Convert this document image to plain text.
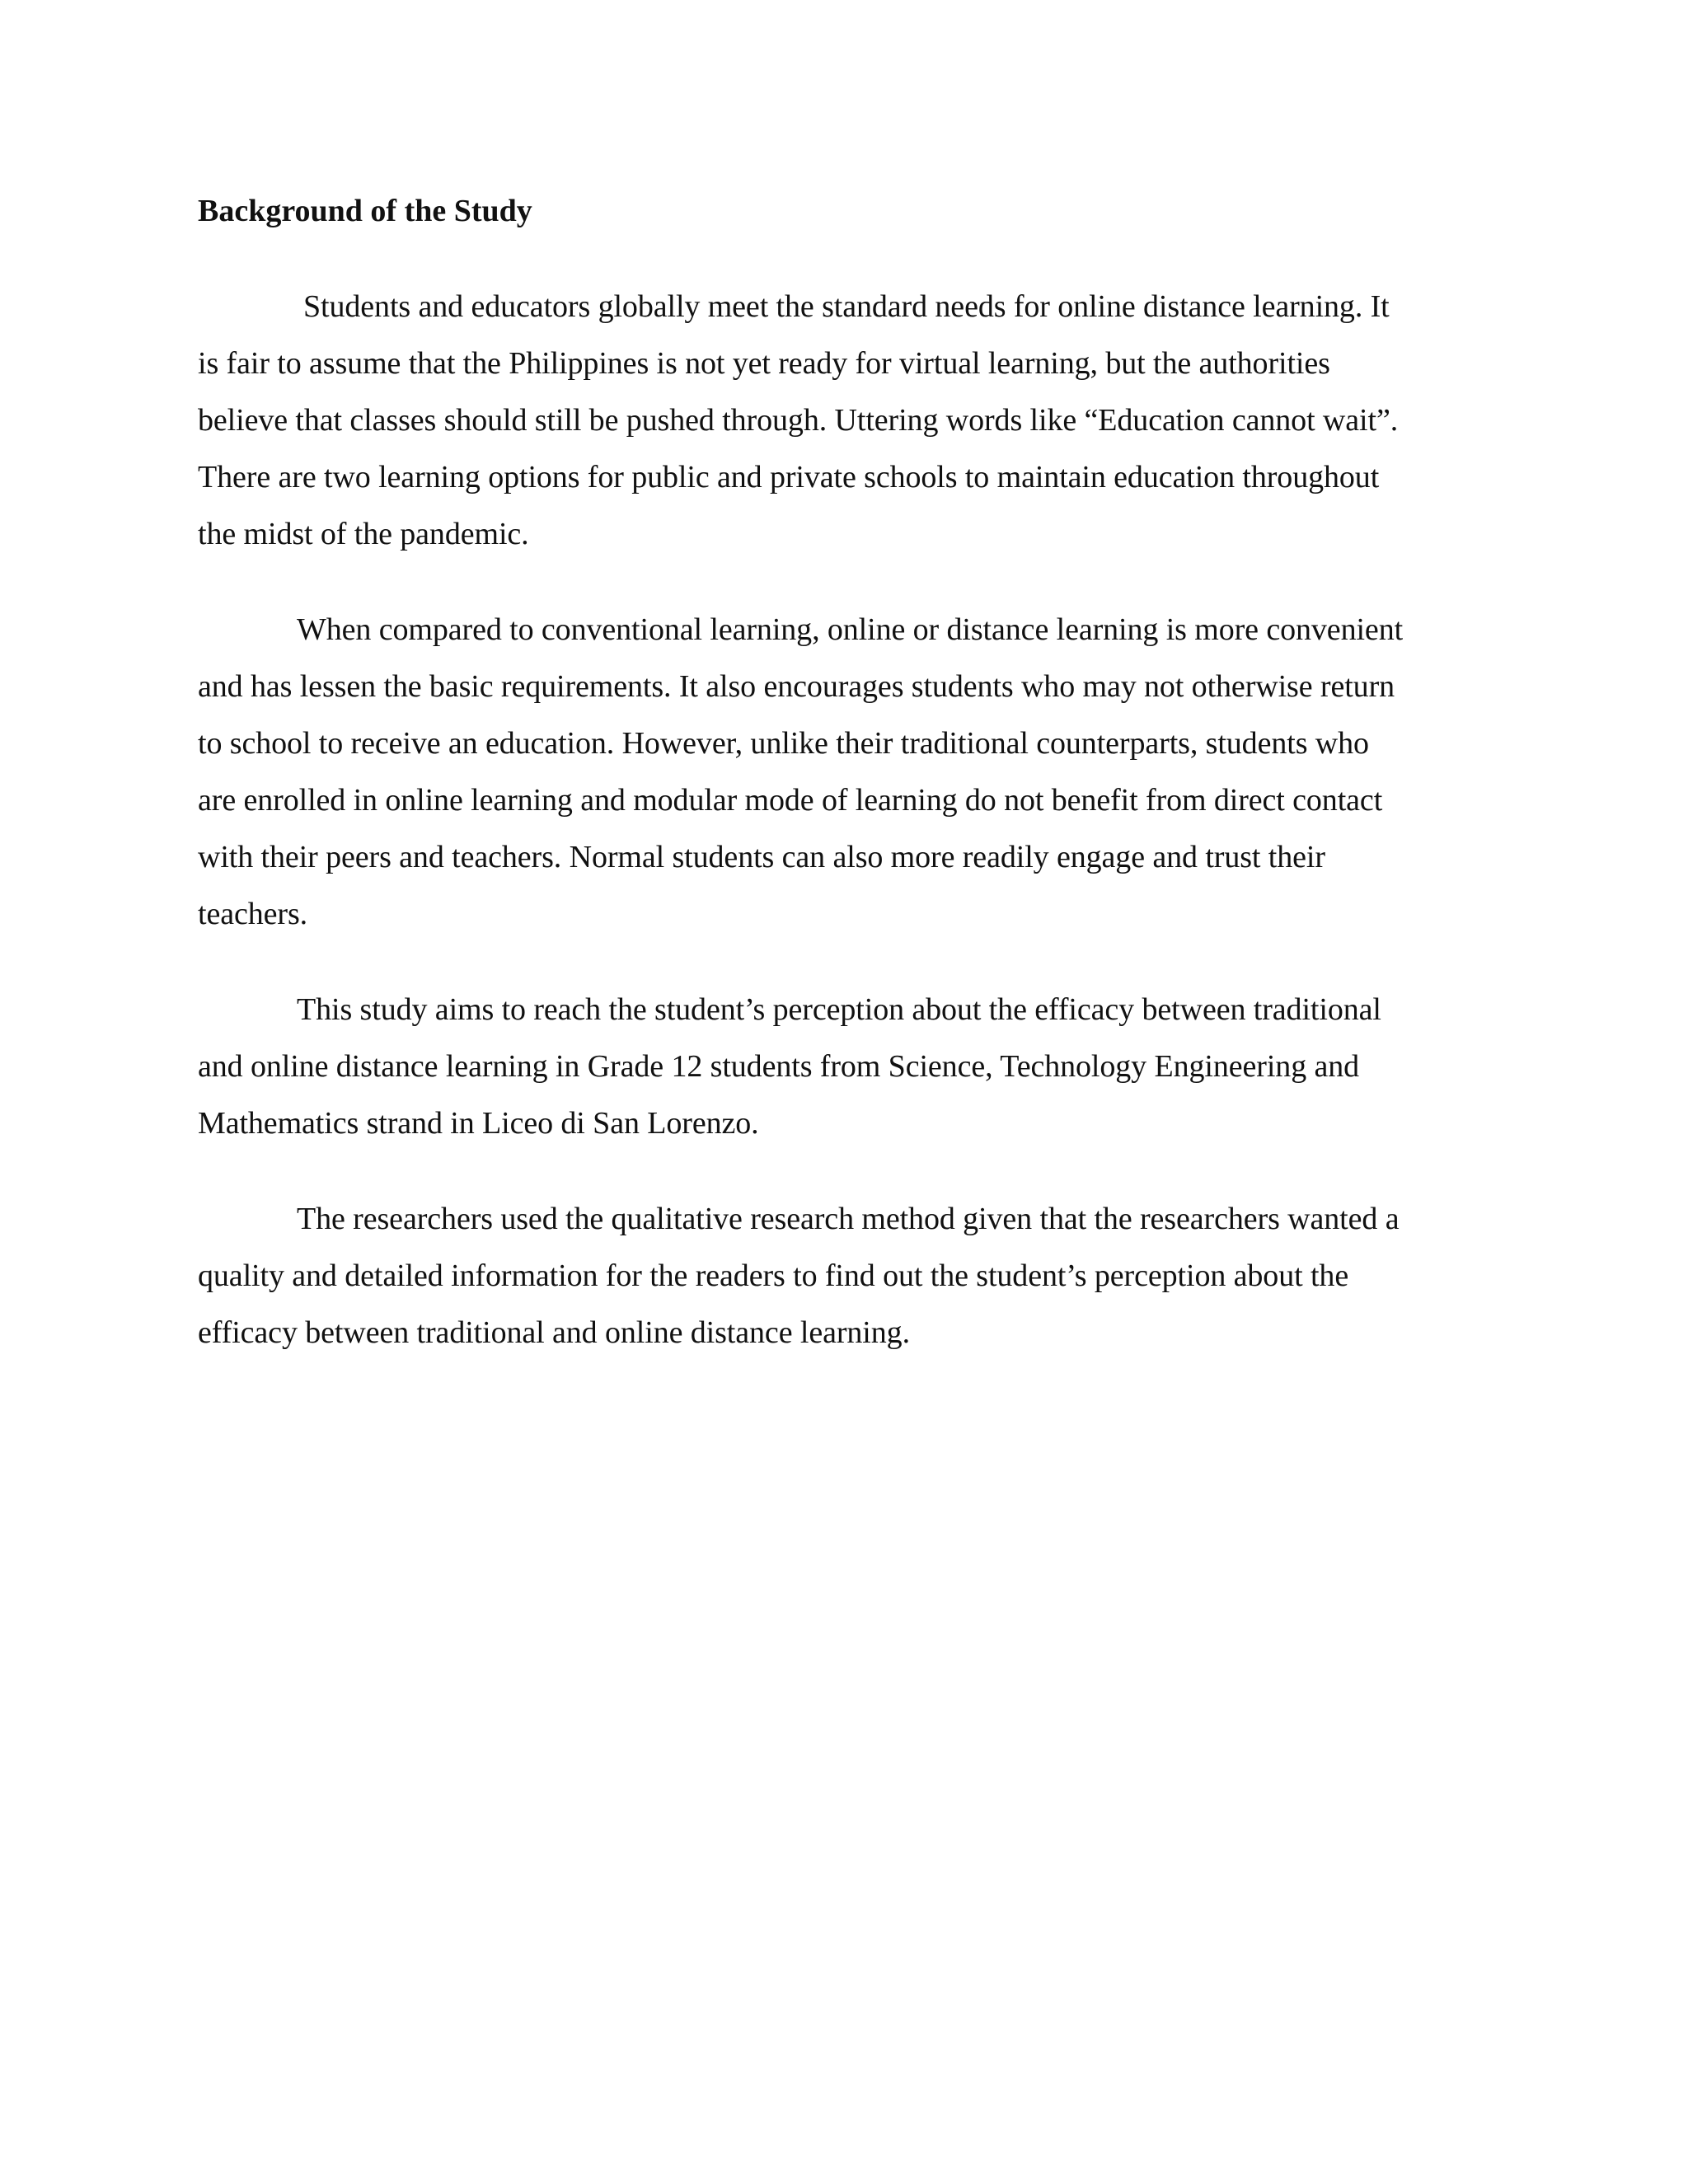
Background of the Study

Students and educators globally meet the standard needs for online distance learning. It
is fair to assume that the Philippines is not yet ready for virtual learning, but the authorities
believe that classes should still be pushed through. Uttering words like “Education cannot wait”.
There are two learning options for public and private schools to maintain education throughout
the midst of the pandemic.

When compared to conventional learning, online or distance learning is more convenient
and has lessen the basic requirements. It also encourages students who may not otherwise return
to school to receive an education. However, unlike their traditional counterparts, students who
are enrolled in online learning and modular mode of learning do not benefit from direct contact
with their peers and teachers. Normal students can also more readily engage and trust their
teachers.

This study aims to reach the student’s perception about the efficacy between traditional
and online distance learning in Grade 12 students from Science, Technology Engineering and
Mathematics strand in Liceo di San Lorenzo.

The researchers used the qualitative research method given that the researchers wanted a
quality and detailed information for the readers to find out the student’s perception about the
efficacy between traditional and online distance learning.
